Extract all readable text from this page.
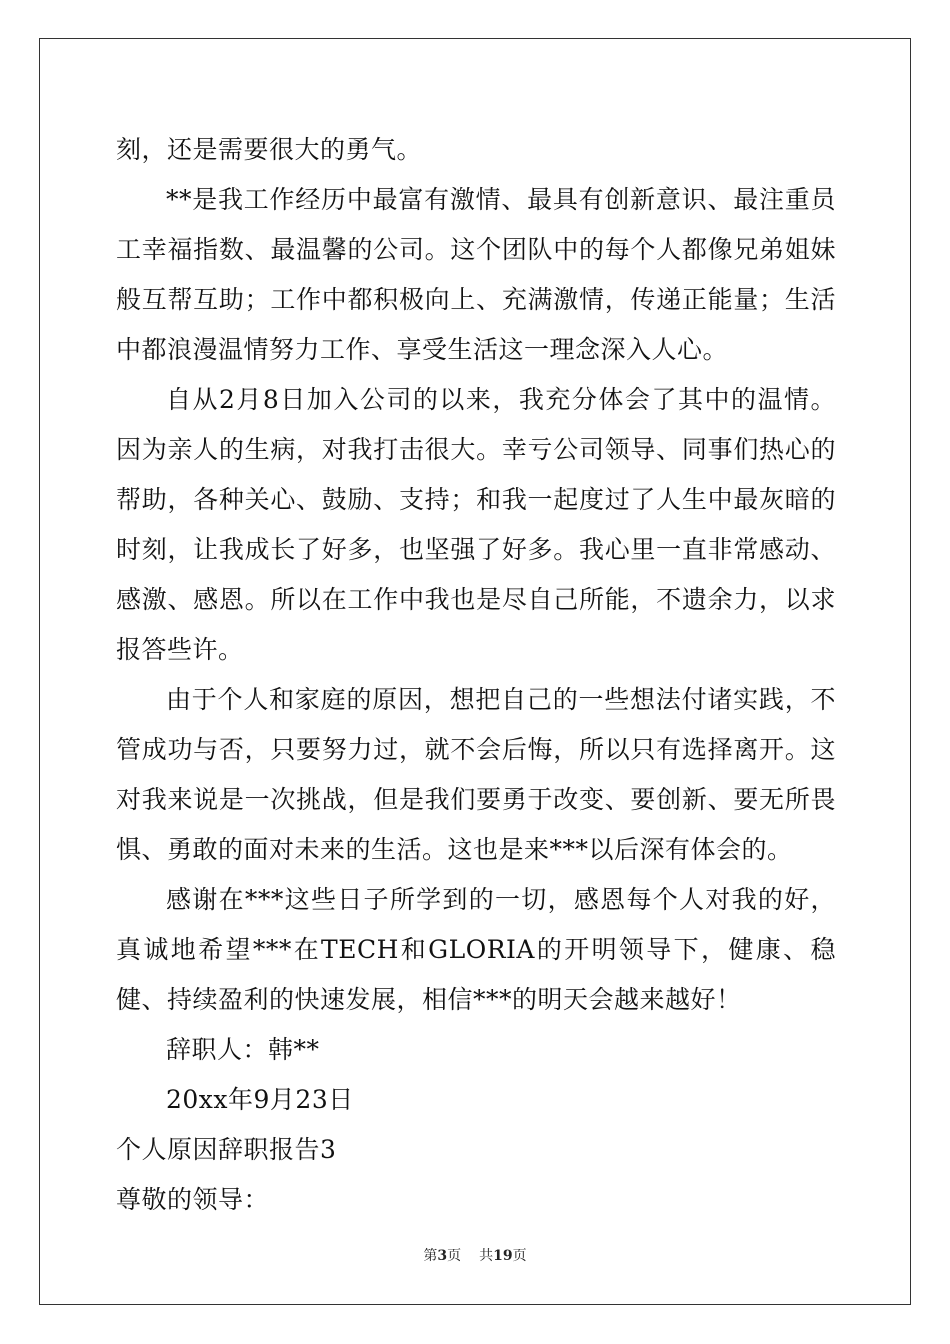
刻，还是需要很大的勇气。

**是我工作经历中最富有激情、最具有创新意识、最注重员工幸福指数、最温馨的公司。这个团队中的每个人都像兄弟姐妹般互帮互助；工作中都积极向上、充满激情，传递正能量；生活中都浪漫温情努力工作、享受生活这一理念深入人心。

自从2月8日加入公司的以来，我充分体会了其中的温情。因为亲人的生病，对我打击很大。幸亏公司领导、同事们热心的帮助，各种关心、鼓励、支持；和我一起度过了人生中最灰暗的时刻，让我成长了好多，也坚强了好多。我心里一直非常感动、感激、感恩。所以在工作中我也是尽自己所能，不遗余力，以求报答些许。

由于个人和家庭的原因，想把自己的一些想法付诸实践，不管成功与否，只要努力过，就不会后悔，所以只有选择离开。这对我来说是一次挑战，但是我们要勇于改变、要创新、要无所畏惧、勇敢的面对未来的生活。这也是来***以后深有体会的。

感谢在***这些日子所学到的一切，感恩每个人对我的好，真诚地希望***在TECH和GLORIA的开明领导下，健康、稳健、持续盈利的快速发展，相信***的明天会越来越好！

辞职人：韩**

20xx年9月23日

个人原因辞职报告3

尊敬的领导：

第3页 共19页
